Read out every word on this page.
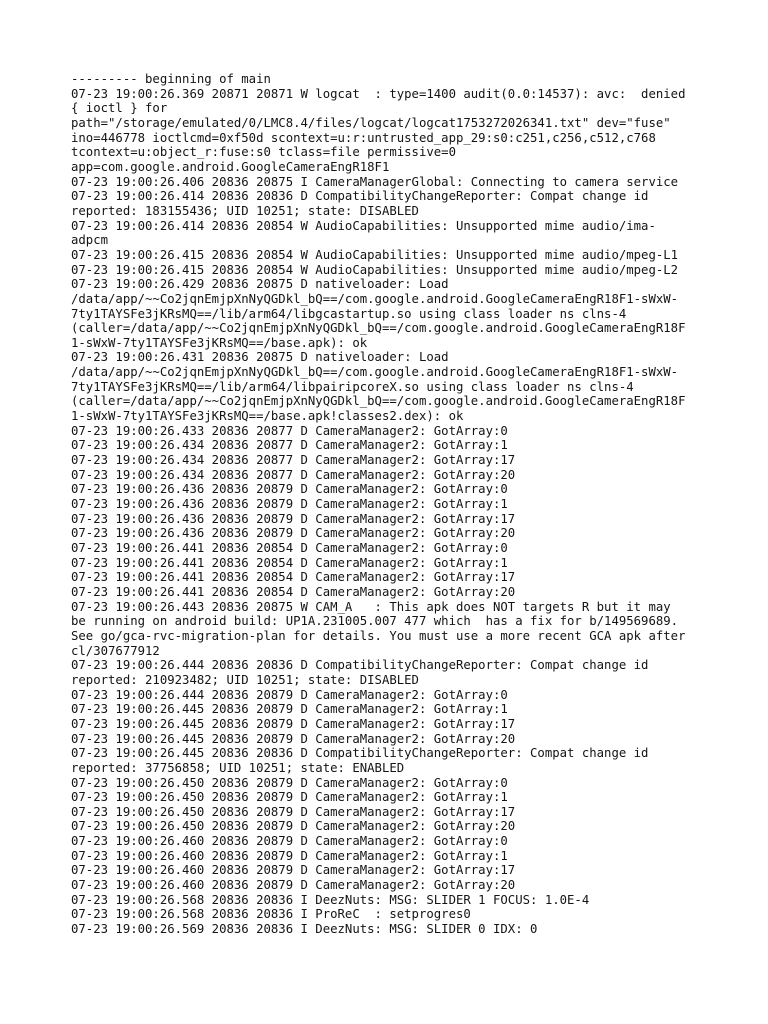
--------- beginning of main
07-23 19:00:26.369 20871 20871 W logcat  : type=1400 audit(0.0:14537): avc:  denied
{ ioctl } for
path="/storage/emulated/0/LMC8.4/files/logcat/logcat1753272026341.txt" dev="fuse"
ino=446778 ioctlcmd=0xf50d scontext=u:r:untrusted_app_29:s0:c251,c256,c512,c768
tcontext=u:object_r:fuse:s0 tclass=file permissive=0
app=com.google.android.GoogleCameraEngR18F1
07-23 19:00:26.406 20836 20875 I CameraManagerGlobal: Connecting to camera service
07-23 19:00:26.414 20836 20836 D CompatibilityChangeReporter: Compat change id
reported: 183155436; UID 10251; state: DISABLED
07-23 19:00:26.414 20836 20854 W AudioCapabilities: Unsupported mime audio/ima-
adpcm
07-23 19:00:26.415 20836 20854 W AudioCapabilities: Unsupported mime audio/mpeg-L1
07-23 19:00:26.415 20836 20854 W AudioCapabilities: Unsupported mime audio/mpeg-L2
07-23 19:00:26.429 20836 20875 D nativeloader: Load
/data/app/~~Co2jqnEmjpXnNyQGDkl_bQ==/com.google.android.GoogleCameraEngR18F1-sWxW-
7ty1TAYSFe3jKRsMQ==/lib/arm64/libgcastartup.so using class loader ns clns-4
(caller=/data/app/~~Co2jqnEmjpXnNyQGDkl_bQ==/com.google.android.GoogleCameraEngR18F
1-sWxW-7ty1TAYSFe3jKRsMQ==/base.apk): ok
07-23 19:00:26.431 20836 20875 D nativeloader: Load
/data/app/~~Co2jqnEmjpXnNyQGDkl_bQ==/com.google.android.GoogleCameraEngR18F1-sWxW-
7ty1TAYSFe3jKRsMQ==/lib/arm64/libpairipcoreX.so using class loader ns clns-4
(caller=/data/app/~~Co2jqnEmjpXnNyQGDkl_bQ==/com.google.android.GoogleCameraEngR18F
1-sWxW-7ty1TAYSFe3jKRsMQ==/base.apk!classes2.dex): ok
07-23 19:00:26.433 20836 20877 D CameraManager2: GotArray:0
07-23 19:00:26.434 20836 20877 D CameraManager2: GotArray:1
07-23 19:00:26.434 20836 20877 D CameraManager2: GotArray:17
07-23 19:00:26.434 20836 20877 D CameraManager2: GotArray:20
07-23 19:00:26.436 20836 20879 D CameraManager2: GotArray:0
07-23 19:00:26.436 20836 20879 D CameraManager2: GotArray:1
07-23 19:00:26.436 20836 20879 D CameraManager2: GotArray:17
07-23 19:00:26.436 20836 20879 D CameraManager2: GotArray:20
07-23 19:00:26.441 20836 20854 D CameraManager2: GotArray:0
07-23 19:00:26.441 20836 20854 D CameraManager2: GotArray:1
07-23 19:00:26.441 20836 20854 D CameraManager2: GotArray:17
07-23 19:00:26.441 20836 20854 D CameraManager2: GotArray:20
07-23 19:00:26.443 20836 20875 W CAM_A   : This apk does NOT targets R but it may
be running on android build: UP1A.231005.007 477 which  has a fix for b/149569689.
See go/gca-rvc-migration-plan for details. You must use a more recent GCA apk after
cl/307677912
07-23 19:00:26.444 20836 20836 D CompatibilityChangeReporter: Compat change id
reported: 210923482; UID 10251; state: DISABLED
07-23 19:00:26.444 20836 20879 D CameraManager2: GotArray:0
07-23 19:00:26.445 20836 20879 D CameraManager2: GotArray:1
07-23 19:00:26.445 20836 20879 D CameraManager2: GotArray:17
07-23 19:00:26.445 20836 20879 D CameraManager2: GotArray:20
07-23 19:00:26.445 20836 20836 D CompatibilityChangeReporter: Compat change id
reported: 37756858; UID 10251; state: ENABLED
07-23 19:00:26.450 20836 20879 D CameraManager2: GotArray:0
07-23 19:00:26.450 20836 20879 D CameraManager2: GotArray:1
07-23 19:00:26.450 20836 20879 D CameraManager2: GotArray:17
07-23 19:00:26.450 20836 20879 D CameraManager2: GotArray:20
07-23 19:00:26.460 20836 20879 D CameraManager2: GotArray:0
07-23 19:00:26.460 20836 20879 D CameraManager2: GotArray:1
07-23 19:00:26.460 20836 20879 D CameraManager2: GotArray:17
07-23 19:00:26.460 20836 20879 D CameraManager2: GotArray:20
07-23 19:00:26.568 20836 20836 I DeezNuts: MSG: SLIDER 1 FOCUS: 1.0E-4
07-23 19:00:26.568 20836 20836 I ProReC  : setprogres0
07-23 19:00:26.569 20836 20836 I DeezNuts: MSG: SLIDER 0 IDX: 0
